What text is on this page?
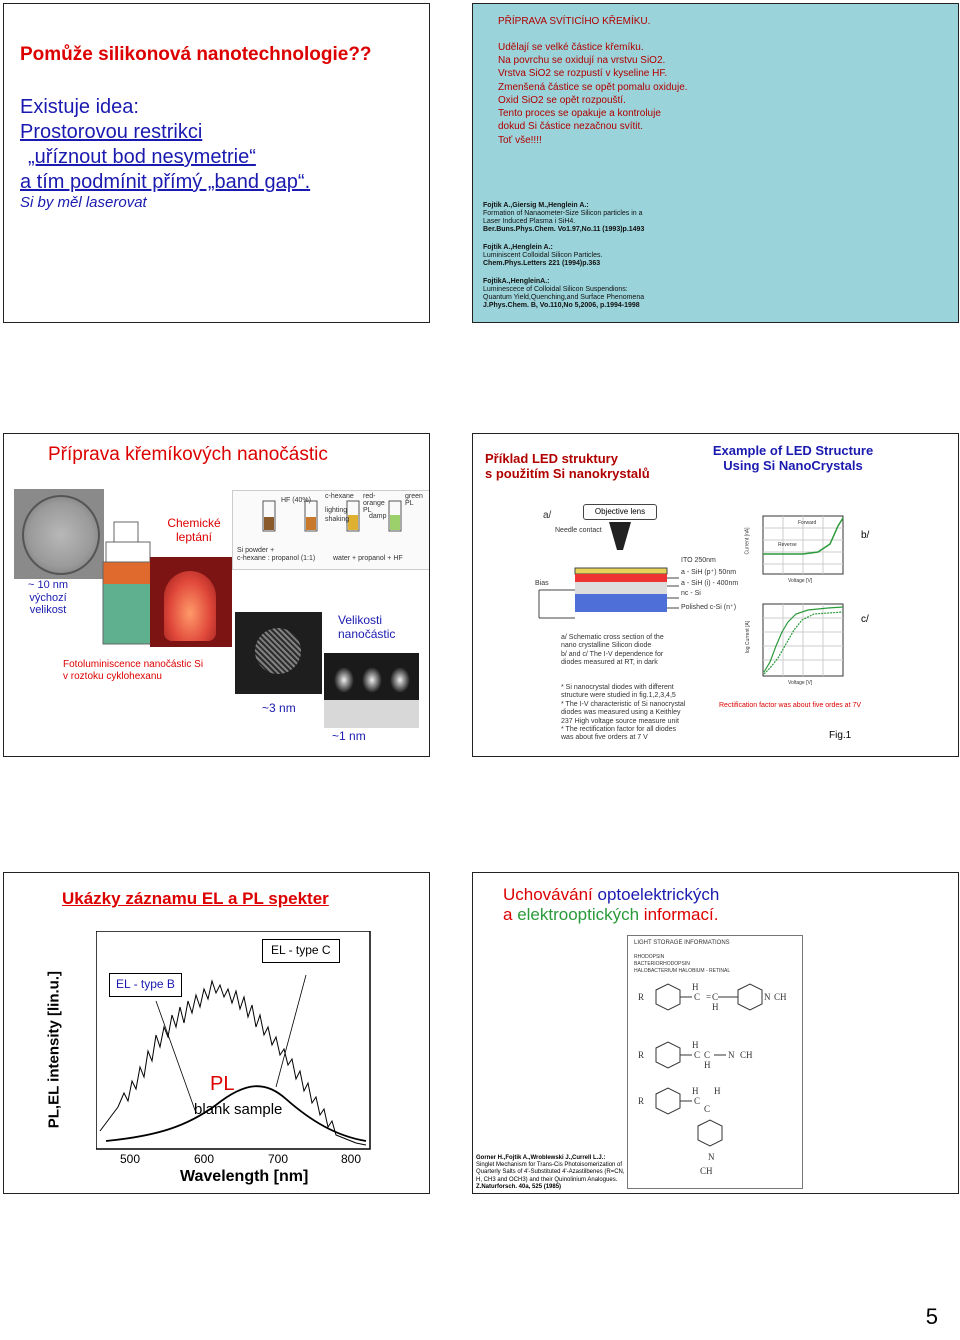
Pomůže silikonová nanotechnologie??
Existuje idea:
Prostorovou restrikci
„uříznout bod nesymetrie“
a tím podmínit přímý „band gap“.
Si by měl laserovat
PŘÍPRAVA SVÍTICÍHO KŘEMÍKU.
Udělají se velké částice křemíku.
Na povrchu se oxidují na vrstvu SiO2.
Vrstva SiO2 se rozpustí v kyseline HF.
Zmenšená částice se opět pomalu oxiduje.
Oxid SiO2 se opět rozpouští.
Tento proces se opakuje a kontroluje
dokud Si částice nezačnou svítit.
Toť vše!!!!
Fojtik A.,Giersig M.,Henglein A.:
Formation of Nanaometer-Size Silicon particles in a
Laser Induced Plasma i SiH4.
Ber.Buns.Phys.Chem. Vo1.97,No.11 (1993)p.1493
Fojtik A.,Henglein A.:
Luminiscent Colloidal Silicon Particles.
Chem.Phys.Letters 221 (1994)p.363
FojtikA.,HengleinA.:
Luminescece of Colloidal Silicon Suspendions:
Quantum Yield,Quenching,and Surface Phenomena
J.Phys.Chem. B, Vo.110,No 5,2006, p.1994-1998
Příprava křemíkových nanočástic
Chemické leptání
~ 10 nm
výchozí
velikost
HF (40%)
c-hexane red-orange PL
green PL
lighting
shaking	damp
Si powder +
c-hexane : propanol (1:1)	water + propanol + HF
Fotoluminiscence nanočástic Si
v roztoku cyklohexanu
~3 nm
Velikosti
nanočástic
~1 nm
Příklad LED struktury
s použitím Si nanokrystalů
Example of LED Structure
Using Si NanoCrystals
a/	Objective lens
Needle contact
Bias
ITO 250nm
a - SiH (p⁺) 50nm
a - SiH (i) - 400nm
nc - Si
Polished c-Si (n⁺)
a/ Schematic cross section of the
nano crystalline Silicon diode
b/ and c/ The I-V dependence for
diodes measured at RT, in dark
* Si nanocrystal diodes with different
structure were studied in fig.1,2,3,4,5
* The I-V characteristic of Si nanocrystal
diodes was measured using a Keithley
237 High voltage source measure unit
* The rectification factor for all diodes
was about five orders at 7 V
Forward
Reverse
Voltage [V]
Current [nA]	b/
Voltage [V]
log Current [A]
c/
Rectification factor was about five ordes at 7V
Fig.1
Ukázky záznamu EL a PL spekter
PL,EL intensity [lin.u.]	EL - type B
EL - type C
PL
blank sample
500	600	700	800
Wavelength [nm]
Uchovávání optoelektrických
a elektrooptických informací.
LIGHT STORAGE INFORMATIONS
RHODOPSIN
BACTERIORHODOPSIN
HALOBACTERIUM HALOBIUM - RETINAL
R
H
C = C
H
N CH
R
H
C C
H
N CH
R
H
C
C
H
N
CH
Gorner H.,Fojtik A.,Wroblewski J.,Currell L.J.:
Singlet Mechanism for Trans-Cis Photoisomerization of
Quarterly Salts of 4'-Substituted 4'-Azastilbenes (R=CN,
H, CH3 and OCH3) and their Quinolinium Analogues.
Z.Naturforsch. 40a, 525 (1985)
5
